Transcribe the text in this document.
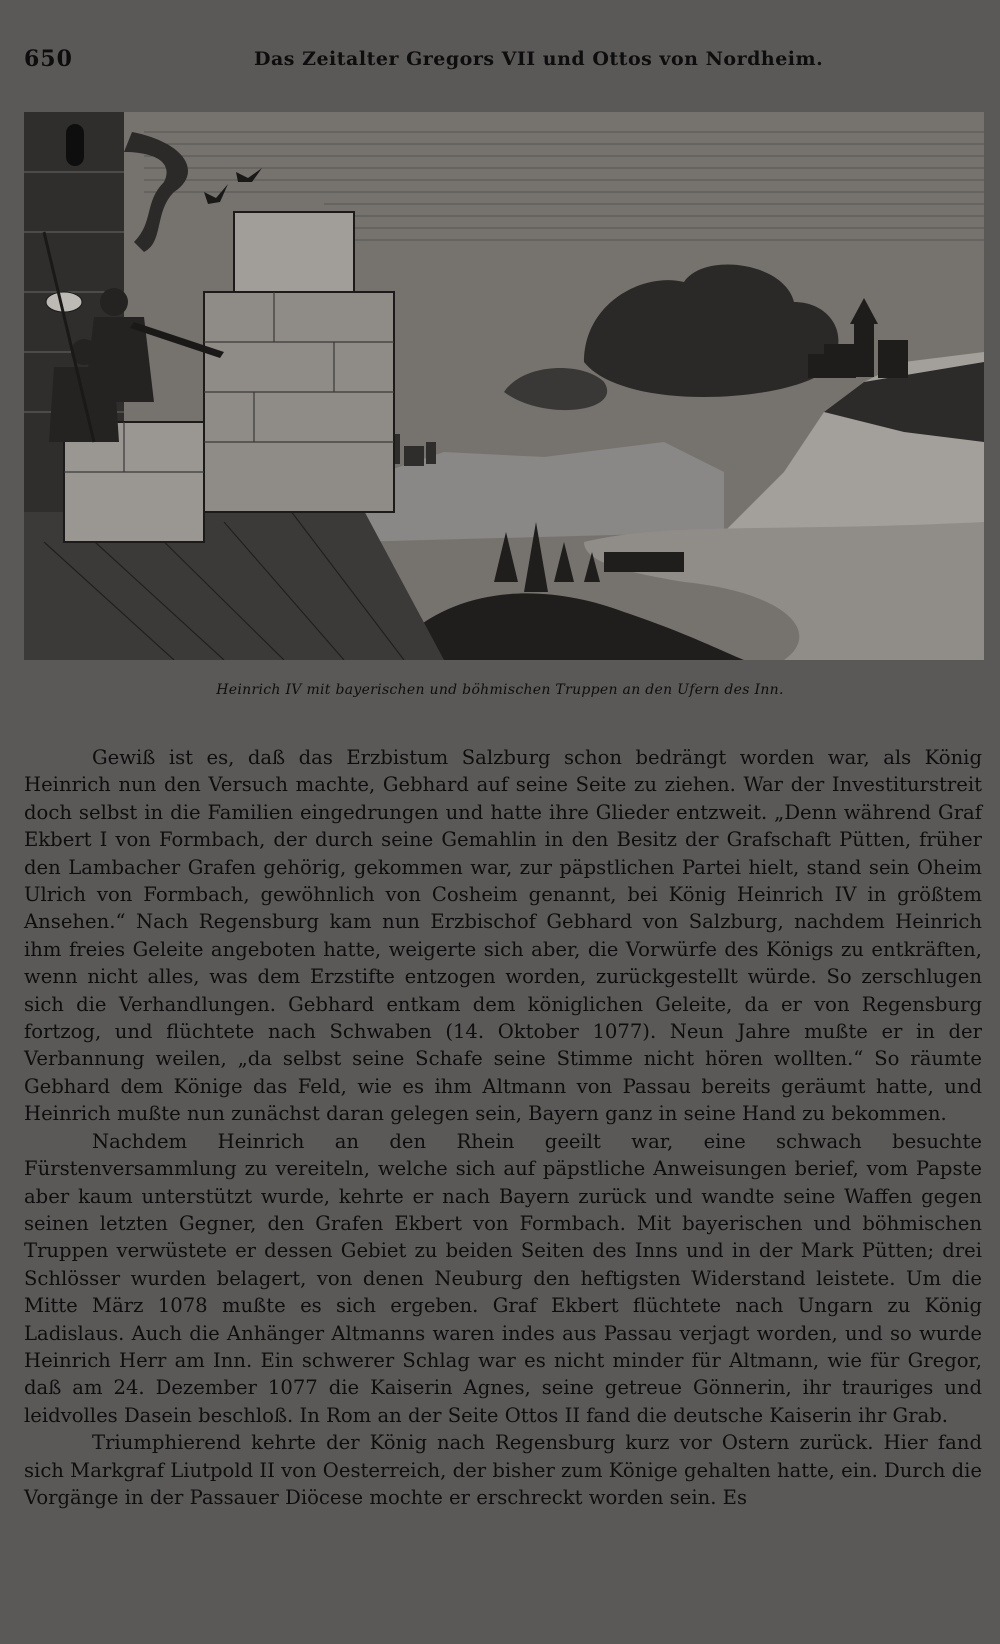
650	Das Zeitalter Gregors VII und Ottos von Nordheim.
Heinrich IV mit bayerischen und böhmischen Truppen an den Ufern des Inn.

Gewiß ist es, daß das Erzbistum Salzburg schon bedrängt worden war, als König Heinrich nun den Versuch machte, Gebhard auf seine Seite zu ziehen. War der Investiturstreit doch selbst in die Familien eingedrungen und hatte ihre Glieder entzweit. „Denn während Graf Ekbert I von Formbach, der durch seine Gemahlin in den Besitz der Grafschaft Pütten, früher den Lambacher Grafen gehörig, gekommen war, zur päpstlichen Partei hielt, stand sein Oheim Ulrich von Formbach, gewöhnlich von Cosheim genannt, bei König Heinrich IV in größtem Ansehen.“ Nach Regensburg kam nun Erzbischof Gebhard von Salzburg, nachdem Heinrich ihm freies Geleite angeboten hatte, weigerte sich aber, die Vorwürfe des Königs zu entkräften, wenn nicht alles, was dem Erzstifte entzogen worden, zurückgestellt würde. So zerschlugen sich die Verhandlungen. Gebhard entkam dem königlichen Geleite, da er von Regensburg fortzog, und flüchtete nach Schwaben (14. Oktober 1077). Neun Jahre mußte er in der Verbannung weilen, „da selbst seine Schafe seine Stimme nicht hören wollten.“ So räumte Gebhard dem Könige das Feld, wie es ihm Altmann von Passau bereits geräumt hatte, und Heinrich mußte nun zunächst daran gelegen sein, Bayern ganz in seine Hand zu bekommen.

Nachdem Heinrich an den Rhein geeilt war, eine schwach besuchte Fürstenversammlung zu vereiteln, welche sich auf päpstliche Anweisungen berief, vom Papste aber kaum unterstützt wurde, kehrte er nach Bayern zurück und wandte seine Waffen gegen seinen letzten Gegner, den Grafen Ekbert von Formbach. Mit bayerischen und böhmischen Truppen verwüstete er dessen Gebiet zu beiden Seiten des Inns und in der Mark Pütten; drei Schlösser wurden belagert, von denen Neuburg den heftigsten Widerstand leistete. Um die Mitte März 1078 mußte es sich ergeben. Graf Ekbert flüchtete nach Ungarn zu König Ladislaus. Auch die Anhänger Altmanns waren indes aus Passau verjagt worden, und so wurde Heinrich Herr am Inn. Ein schwerer Schlag war es nicht minder für Altmann, wie für Gregor, daß am 24. Dezember 1077 die Kaiserin Agnes, seine getreue Gönnerin, ihr trauriges und leidvolles Dasein beschloß. In Rom an der Seite Ottos II fand die deutsche Kaiserin ihr Grab.

Triumphierend kehrte der König nach Regensburg kurz vor Ostern zurück. Hier fand sich Markgraf Liutpold II von Oesterreich, der bisher zum Könige gehalten hatte, ein. Durch die Vorgänge in der Passauer Diöcese mochte er erschreckt worden sein. Es
